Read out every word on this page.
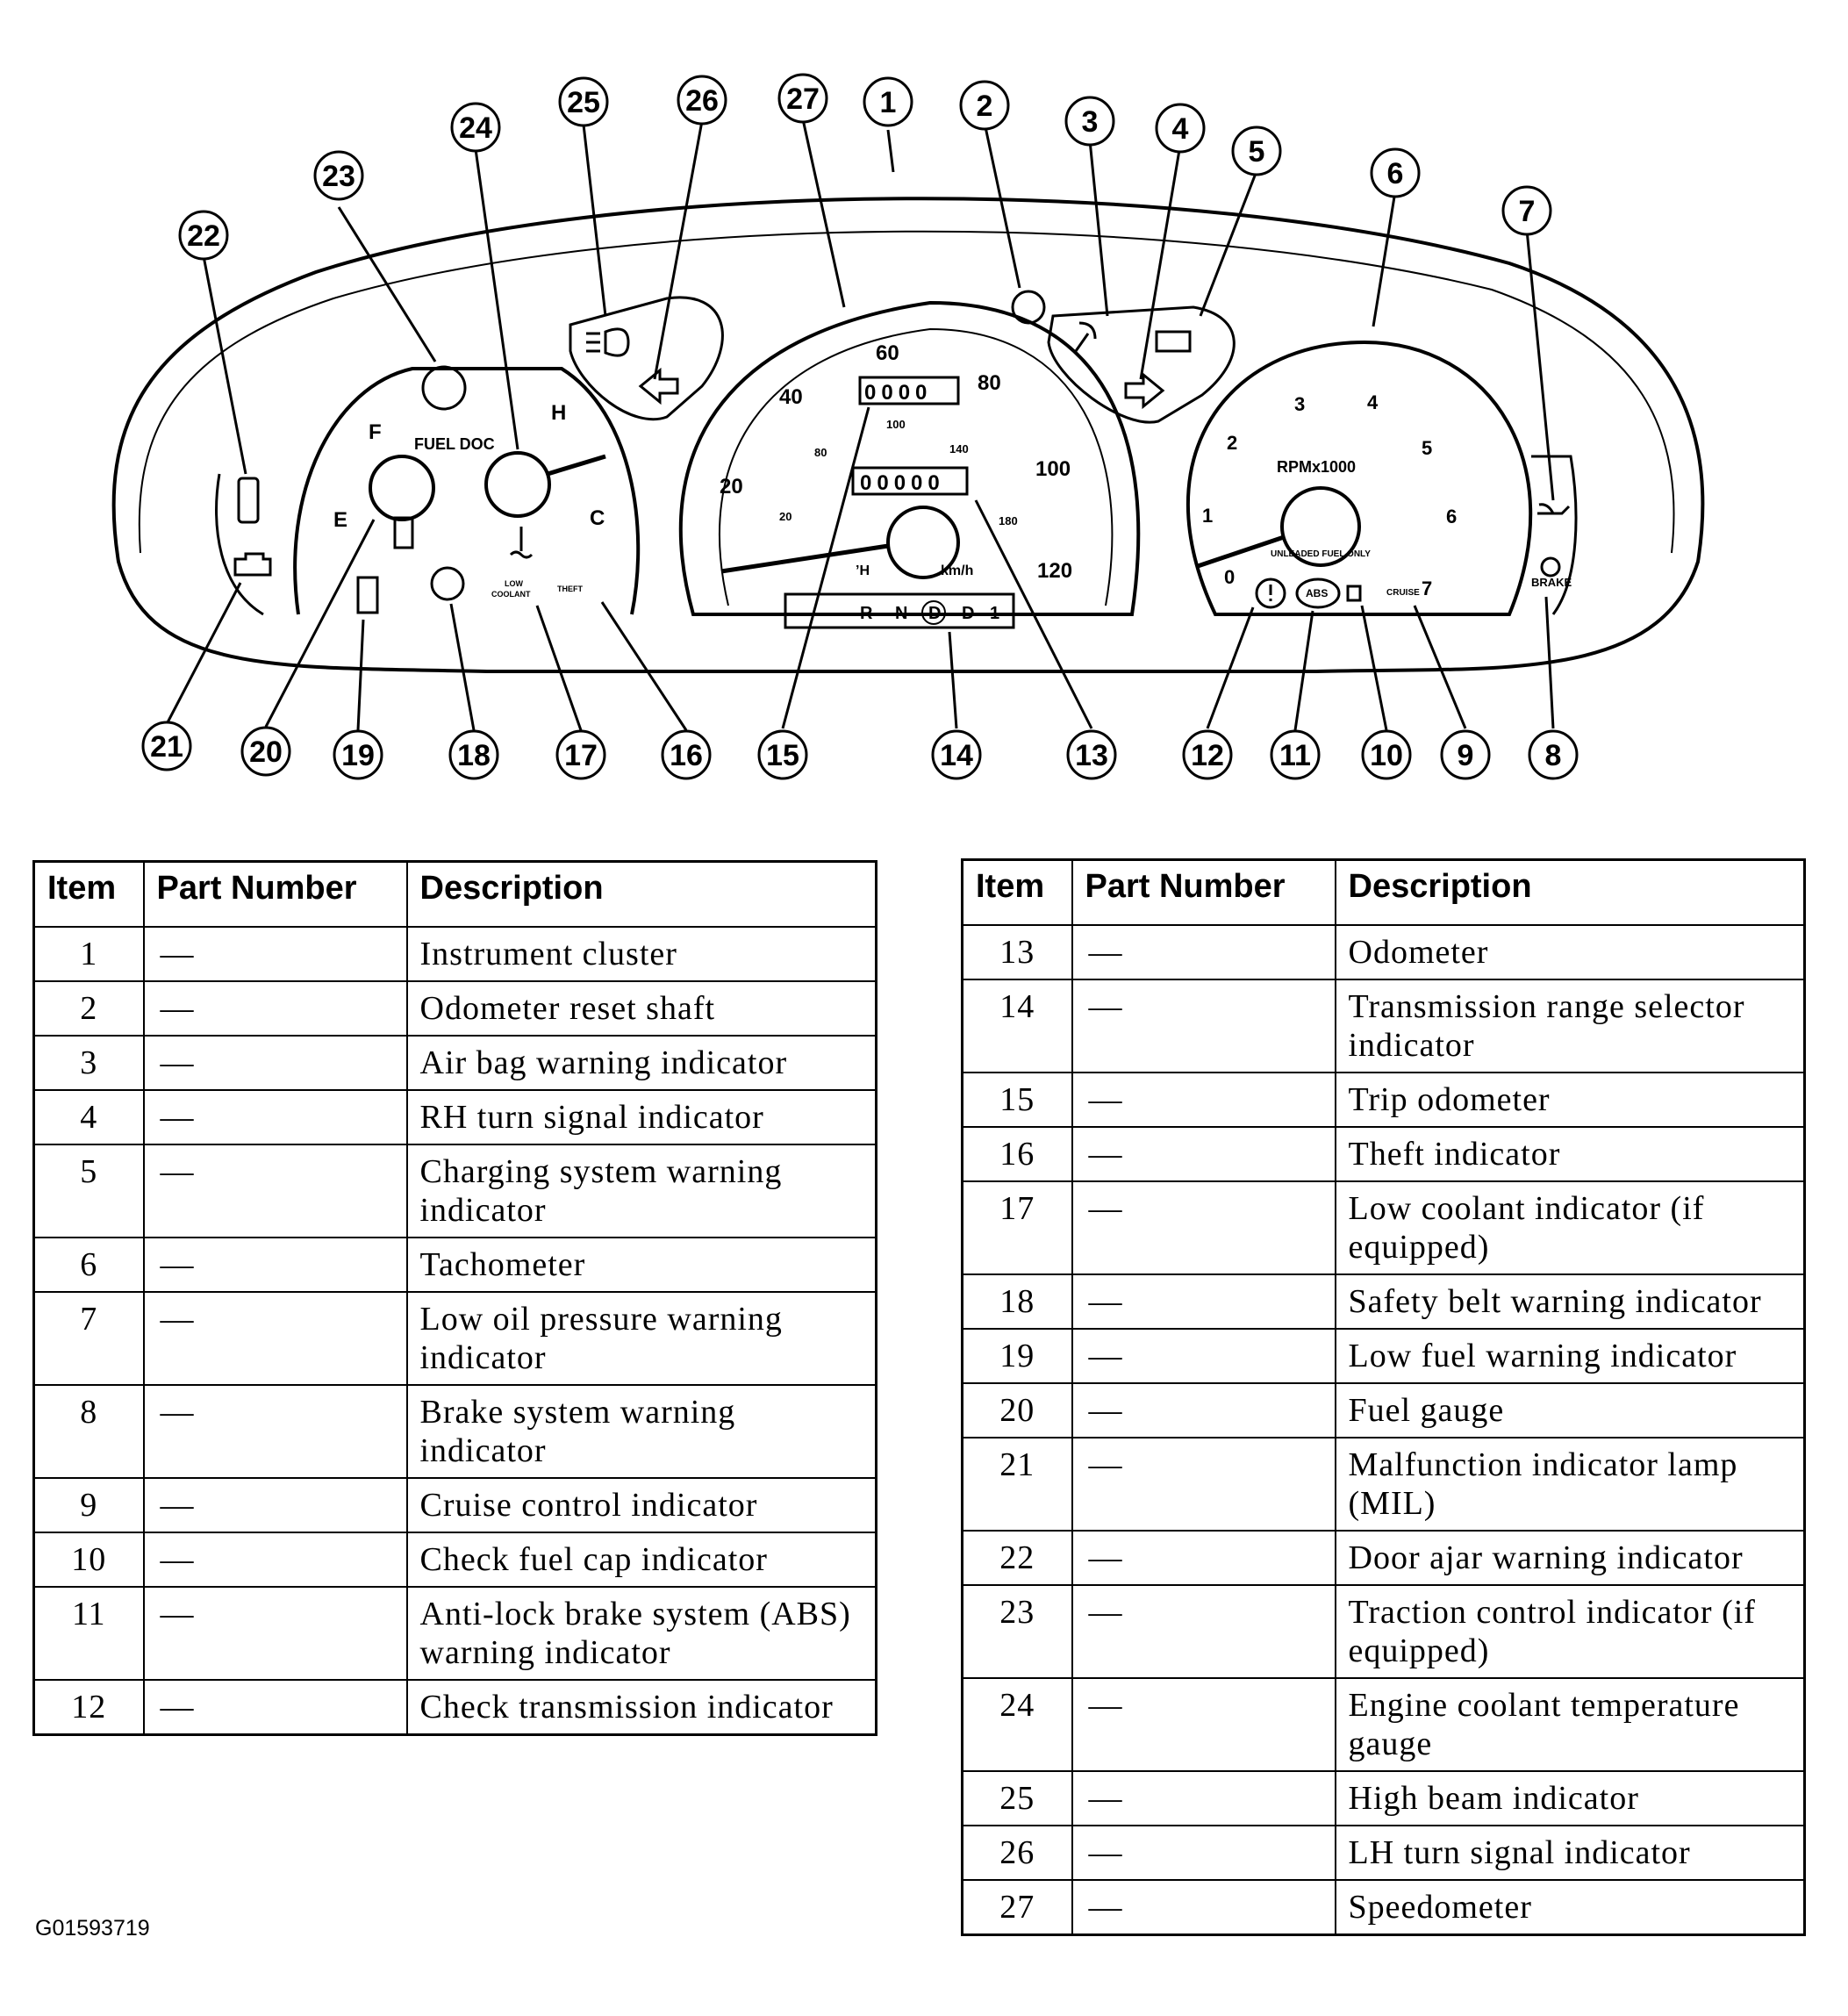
F
E
FUEL DOC
H
C
LOW
COOLANT
THEFT
20
40
60
80
100
120
20
80
100
140
180
’H	km/h
0000
00000
R N D D 1
0
1
2
3	4
5
6
7
RPMx1000
UNLEADED FUEL ONLY
CRUISE
ABS
BRAKE
1	2	3 4
5
6
7
8
9
10
11
12
13
14
15
16
17
18
19
20
21
22
23
24
25	26 27
Item	Part Number	Description
1	—	Instrument cluster

2	—	Odometer reset shaft

3	—	Air bag warning indicator

4	—	RH turn signal indicator

5	—	Charging system warning
indicator

6	—	Tachometer

7	—	Low oil pressure warning
indicator

8	—	Brake system warning
indicator

9	—	Cruise control indicator

10	—	Check fuel cap indicator

11	—	Anti-lock brake system (ABS)
warning indicator

12	—	Check transmission indicator
Item	Part Number	Description
13	—	Odometer

14	—	Transmission range selector
indicator

15	—	Trip odometer

16	—	Theft indicator

17	—	Low coolant indicator (if
equipped)

18	—	Safety belt warning indicator

19	—	Low fuel warning indicator

20	—	Fuel gauge

21	—	Malfunction indicator lamp
(MIL)

22	—	Door ajar warning indicator

23	—	Traction control indicator (if
equipped)

24	—	Engine coolant temperature
gauge

25	—	High beam indicator

26	—	LH turn signal indicator

27	—	Speedometer
G01593719
